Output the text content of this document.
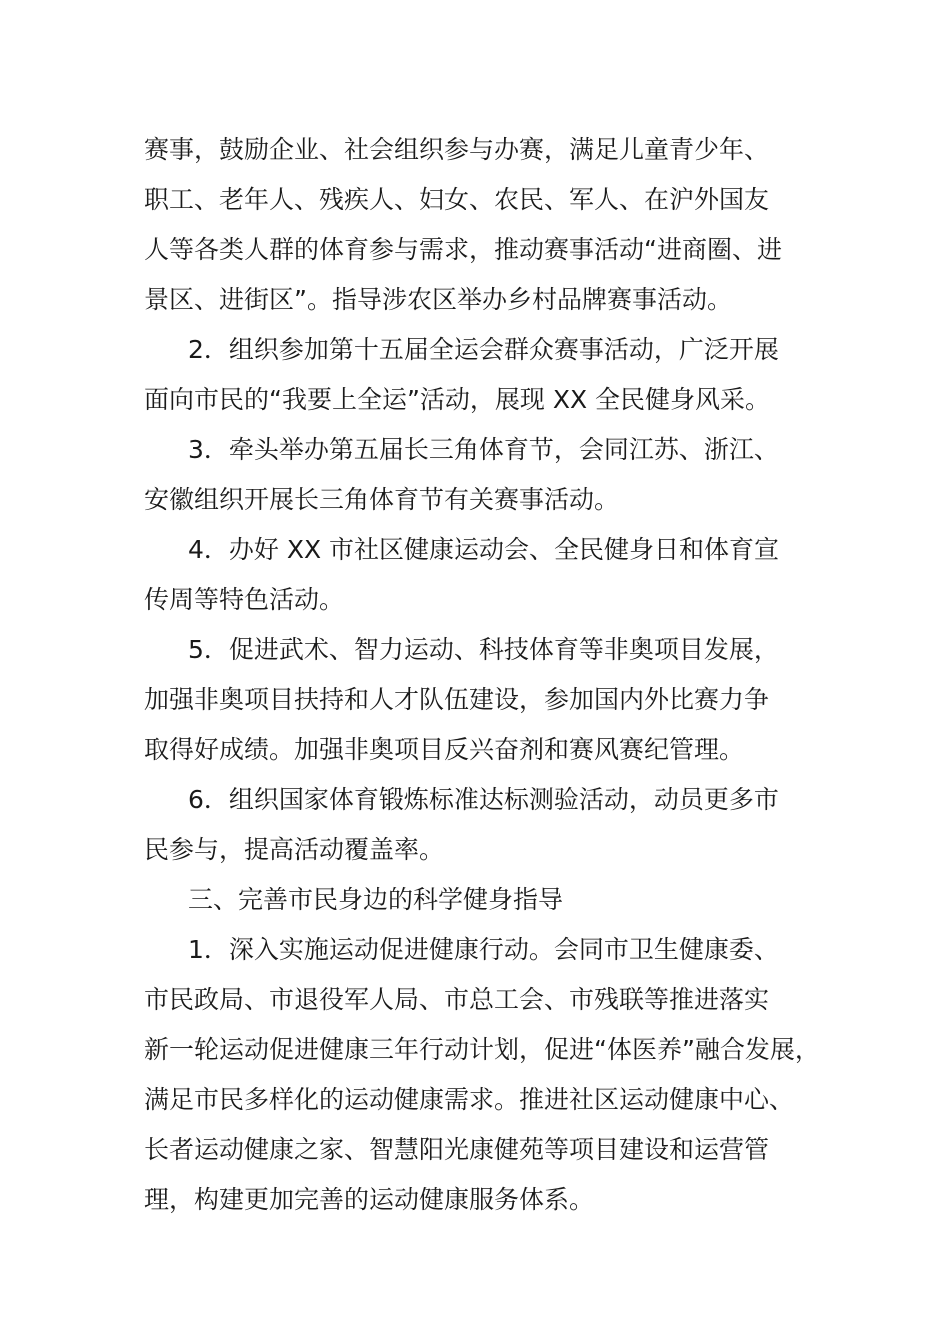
赛事，鼓励企业、社会组织参与办赛，满足儿童青少年、
职工、老年人、残疾人、妇女、农民、军人、在沪外国友
人等各类人群的体育参与需求，推动赛事活动“进商圈、进
景区、进街区”。指导涉农区举办乡村品牌赛事活动。
2．组织参加第十五届全运会群众赛事活动，广泛开展
面向市民的“我要上全运”活动，展现 XX 全民健身风采。
3．牵头举办第五届长三角体育节，会同江苏、浙江、
安徽组织开展长三角体育节有关赛事活动。
4．办好 XX 市社区健康运动会、全民健身日和体育宣
传周等特色活动。
5．促进武术、智力运动、科技体育等非奥项目发展，
加强非奥项目扶持和人才队伍建设，参加国内外比赛力争
取得好成绩。加强非奥项目反兴奋剂和赛风赛纪管理。
6．组织国家体育锻炼标准达标测验活动，动员更多市
民参与，提高活动覆盖率。
三、完善市民身边的科学健身指导
1．深入实施运动促进健康行动。会同市卫生健康委、
市民政局、市退役军人局、市总工会、市残联等推进落实
新一轮运动促进健康三年行动计划，促进“体医养”融合发展，
满足市民多样化的运动健康需求。推进社区运动健康中心、
长者运动健康之家、智慧阳光康健苑等项目建设和运营管
理，构建更加完善的运动健康服务体系。
